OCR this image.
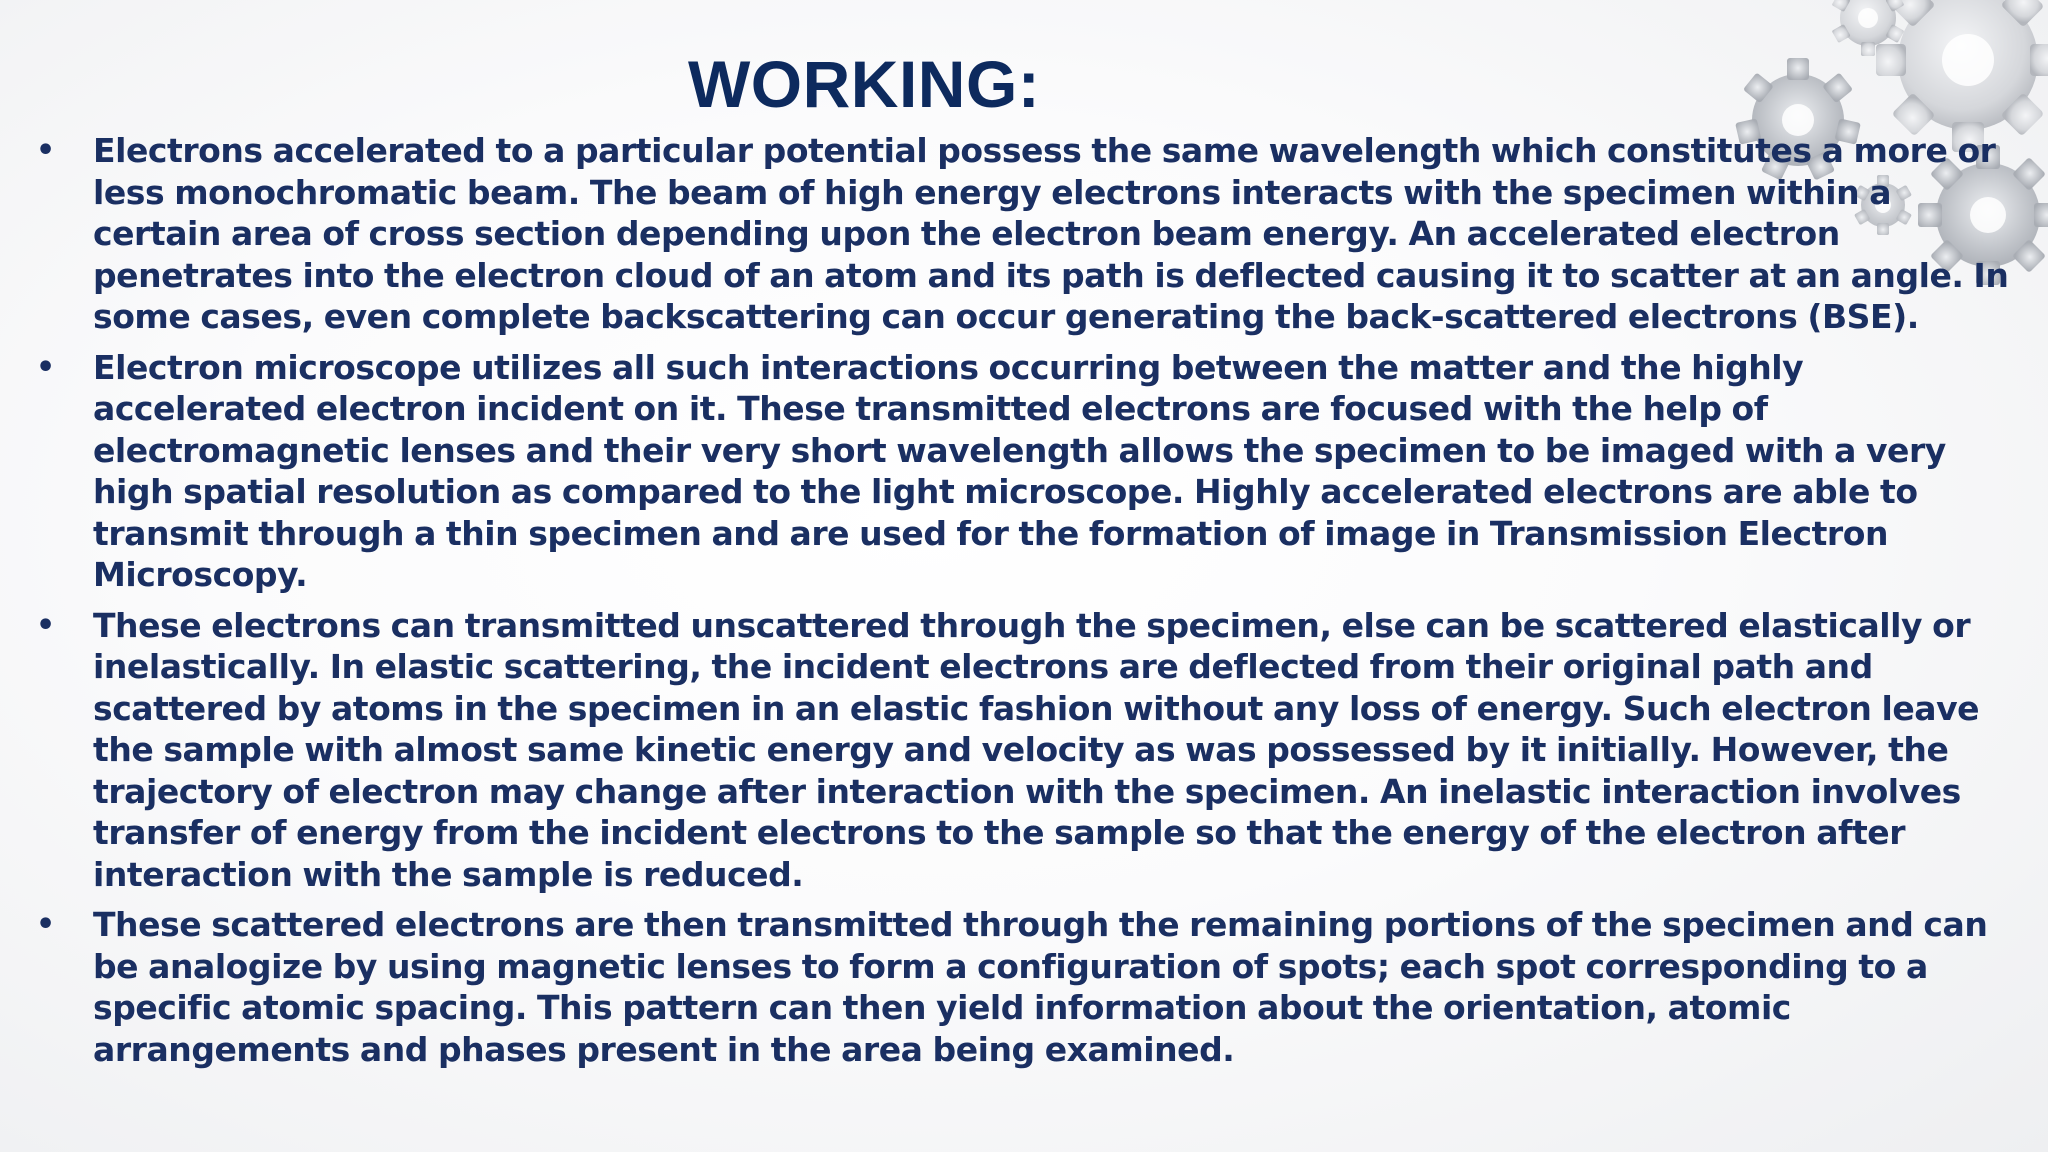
WORKING:
• Electrons accelerated to a particular potential possess the same wavelength which constitutes a more or less monochromatic beam. The beam of high energy electrons interacts with the specimen within a certain area of cross section depending upon the electron beam energy. An accelerated electron penetrates into the electron cloud of an atom and its path is deflected causing it to scatter at an angle. In some cases, even complete backscattering can occur generating the back-scattered electrons (BSE).
• Electron microscope utilizes all such interactions occurring between the matter and the highly accelerated electron incident on it. These transmitted electrons are focused with the help of electromagnetic lenses and their very short wavelength allows the specimen to be imaged with a very high spatial resolution as compared to the light microscope. Highly accelerated electrons are able to transmit through a thin specimen and are used for the formation of image in Transmission Electron Microscopy.
• These electrons can transmitted unscattered through the specimen, else can be scattered elastically or inelastically. In elastic scattering, the incident electrons are deflected from their original path and scattered by atoms in the specimen in an elastic fashion without any loss of energy. Such electron leave the sample with almost same kinetic energy and velocity as was possessed by it initially. However, the trajectory of electron may change after interaction with the specimen. An inelastic interaction involves transfer of energy from the incident electrons to the sample so that the energy of the electron after interaction with the sample is reduced.
• These scattered electrons are then transmitted through the remaining portions of the specimen and can be analogize by using magnetic lenses to form a configuration of spots; each spot corresponding to a specific atomic spacing. This pattern can then yield information about the orientation, atomic arrangements and phases present in the area being examined.
